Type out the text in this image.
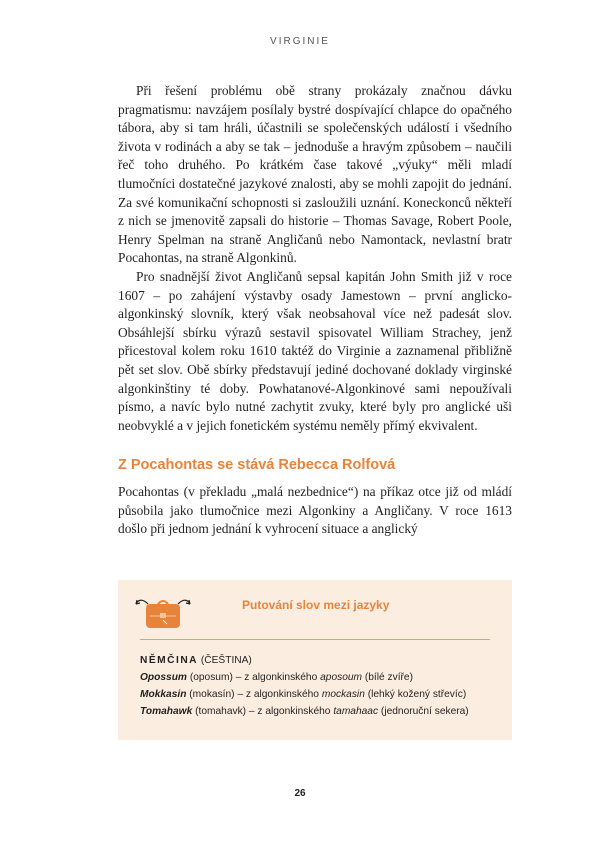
VIRGINIE

Při řešení problému obě strany prokázaly značnou dávku pragmatismu: navzájem posílaly bystré dospívající chlapce do opačného tábora, aby si tam hráli, účastnili se společenských událostí i všedního života v rodinách a aby se tak – jednoduše a hravým způsobem – naučili řeč toho druhého. Po krátkém čase takové „výuky“ měli mladí tlumočníci dostatečné jazykové znalosti, aby se mohli zapojit do jednání. Za své komunikační schopnosti si zasloužili uznání. Koneckonců někteří z nich se jmenovitě zapsali do historie – Thomas Savage, Robert Poole, Henry Spelman na straně Angličanů nebo Namontack, nevlastní bratr Pocahontas, na straně Algonkinů.

Pro snadnější život Angličanů sepsal kapitán John Smith již v roce 1607 – po zahájení výstavby osady Jamestown – první anglicko-algonkinský slovník, který však neobsahoval více než padesát slov. Obsáhlejší sbírku výrazů sestavil spisovatel William Strachey, jenž přicestoval kolem roku 1610 taktéž do Virginie a zaznamenal přibližně pět set slov. Obě sbírky představují jediné dochované doklady virginské algonkinštiny té doby. Powhatanové-Algonkinové sami nepoužívali písmo, a navíc bylo nutné zachytit zvuky, které byly pro anglické uši neobvyklé a v jejich fonetickém systému neměly přímý ekvivalent.

Z Pocahontas se stává Rebecca Rolfová

Pocahontas (v překladu „malá nezbednice“) na příkaz otce již od mládí působila jako tlumočnice mezi Algonkiny a Angličany. V roce 1613 došlo při jednom jednání k vyhrocení situace a anglický

Putování slov mezi jazyky
NĚMČINA (ČEŠTINA)
Opossum (oposum) – z algonkinského aposoum (bílé zvíře)
Mokkasin (mokasín) – z algonkinského mockasin (lehký kožený střevíc)
Tomahawk (tomahavk) – z algonkinského tamahaac (jednoruční sekera)
26
